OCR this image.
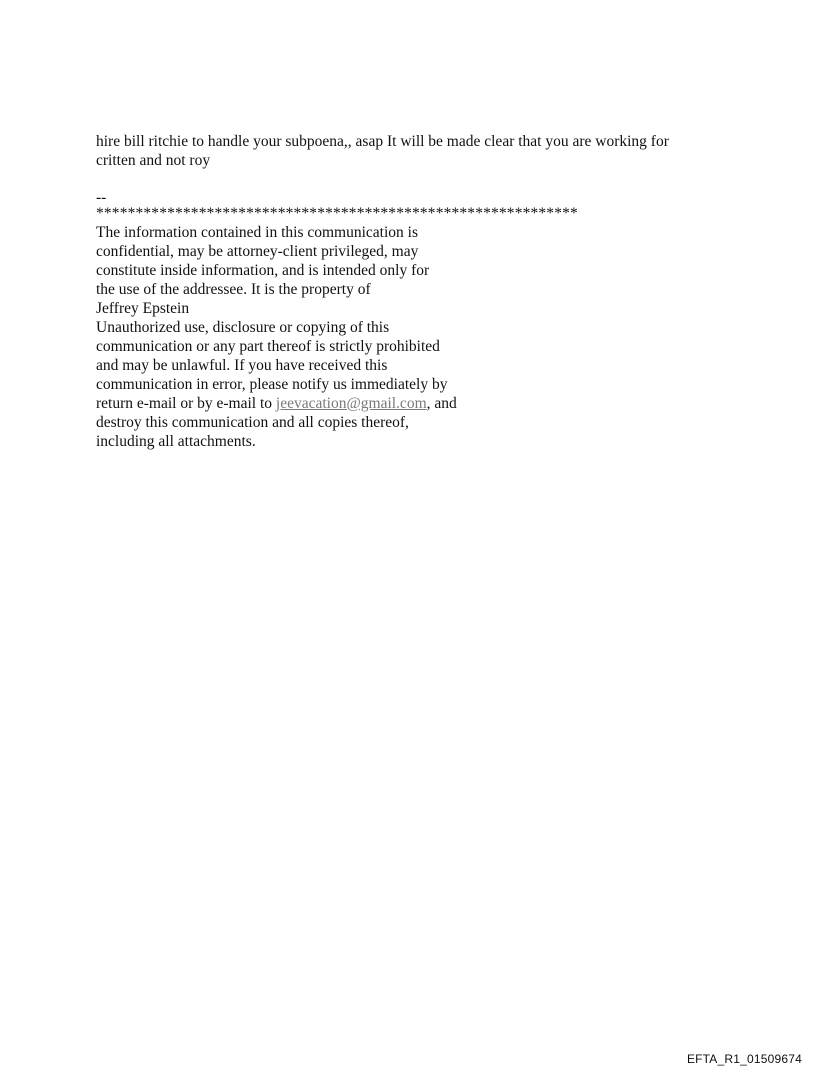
hire bill ritchie to handle your subpoena,, asap It will be made clear that you are working for
critten and not roy
--
*************************************************************
The information contained in this communication is
confidential, may be attorney-client privileged, may
constitute inside information, and is intended only for
the use of the addressee. It is the property of
Jeffrey Epstein
Unauthorized use, disclosure or copying of this
communication or any part thereof is strictly prohibited
and may be unlawful. If you have received this
communication in error, please notify us immediately by
return e-mail or by e-mail to jeevacation@gmail.com, and
destroy this communication and all copies thereof,
including all attachments.
EFTA_R1_01509674
